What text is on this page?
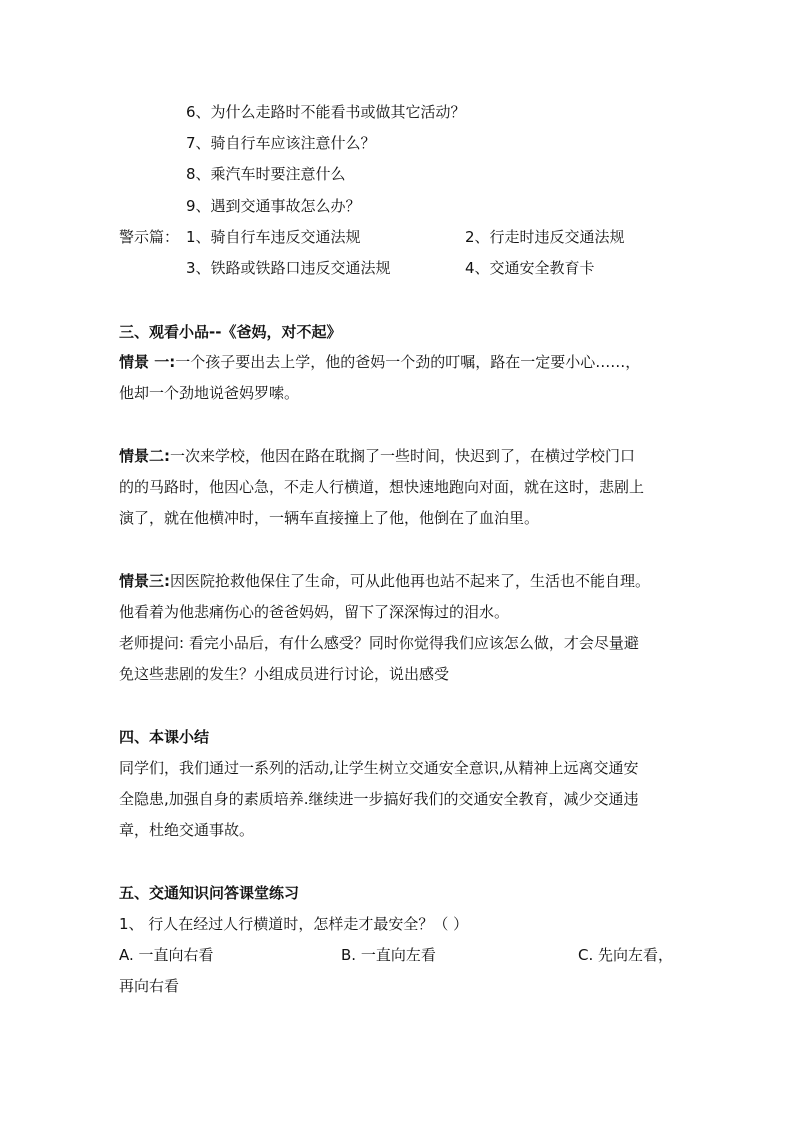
6、为什么走路时不能看书或做其它活动？
7、骑自行车应该注意什么？
8、乘汽车时要注意什么
9、遇到交通事故怎么办？
警示篇： 1、骑自行车违反交通法规	2、行走时违反交通法规
3、铁路或铁路口违反交通法规	4、交通安全教育卡
三、观看小品--《爸妈，对不起》
情景 一:一个孩子要出去上学，他的爸妈一个劲的叮嘱，路在一定要小心……，
他却一个劲地说爸妈罗嗦。
情景二:一次来学校，他因在路在耽搁了一些时间，快迟到了，在横过学校门口
的的马路时，他因心急，不走人行横道，想快速地跑向对面，就在这时，悲剧上
演了，就在他横冲时，一辆车直接撞上了他，他倒在了血泊里。
情景三:因医院抢救他保住了生命，可从此他再也站不起来了，生活也不能自理。
他看着为他悲痛伤心的爸爸妈妈，留下了深深悔过的泪水。
老师提问: 看完小品后，有什么感受？同时你觉得我们应该怎么做，才会尽量避
免这些悲剧的发生？小组成员进行讨论，说出感受
四、本课小结
同学们，我们通过一系列的活动,让学生树立交通安全意识,从精神上远离交通安
全隐患,加强自身的素质培养.继续进一步搞好我们的交通安全教育，减少交通违
章，杜绝交通事故。
五、交通知识问答课堂练习
1、 行人在经过人行横道时，怎样走才最安全？（ ）
A. 一直向右看	B. 一直向左看	C. 先向左看，
再向右看
